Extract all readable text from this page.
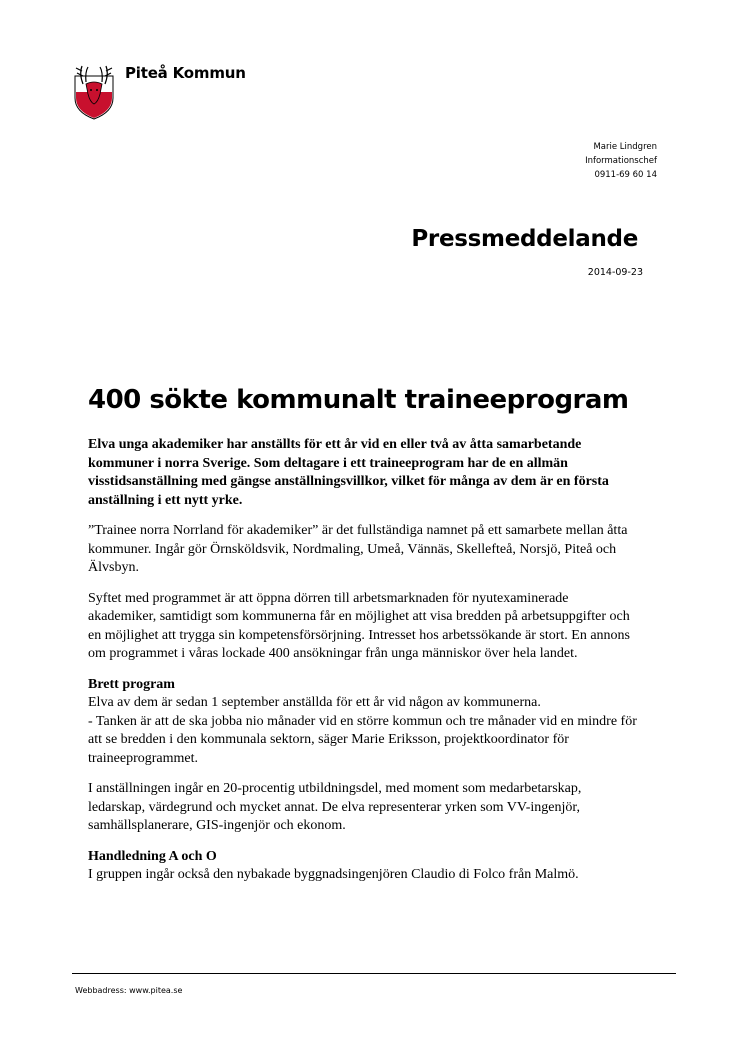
Piteå Kommun
Marie Lindgren
Informationschef
0911-69 60 14
Pressmeddelande
2014-09-23
400 sökte kommunalt traineeprogram

Elva unga akademiker har anställts för ett år vid en eller två av åtta samarbetande kommuner i norra Sverige. Som deltagare i ett traineeprogram har de en allmän visstidsanställning med gängse anställningsvillkor, vilket för många av dem är en första anställning i ett nytt yrke.

”Trainee norra Norrland för akademiker” är det fullständiga namnet på ett samarbete mellan åtta kommuner. Ingår gör Örnsköldsvik, Nordmaling, Umeå, Vännäs, Skellefteå, Norsjö, Piteå och Älvsbyn.

Syftet med programmet är att öppna dörren till arbetsmarknaden för nyutexaminerade akademiker, samtidigt som kommunerna får en möjlighet att visa bredden på arbetsuppgifter och en möjlighet att trygga sin kompetensförsörjning. Intresset hos arbetssökande är stort. En annons om programmet i våras lockade 400 ansökningar från unga människor över hela landet.

Brett program
Elva av dem är sedan 1 september anställda för ett år vid någon av kommunerna.
- Tanken är att de ska jobba nio månader vid en större kommun och tre månader vid en mindre för att se bredden i den kommunala sektorn, säger Marie Eriksson, projektkoordinator för traineeprogrammet.

I anställningen ingår en 20-procentig utbildningsdel, med moment som medarbetarskap, ledarskap, värdegrund och mycket annat. De elva representerar yrken som VV-ingenjör, samhällsplanerare, GIS-ingenjör och ekonom.

Handledning A och O
I gruppen ingår också den nybakade byggnadsingenjören Claudio di Folco från Malmö.

Webbadress: www.pitea.se
